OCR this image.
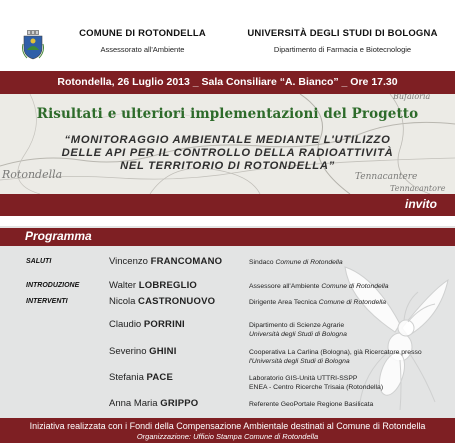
COMUNE DI ROTONDELLA
Assessorato all'Ambiente
UNIVERSITÀ DEGLI STUDI DI BOLOGNA
Dipartimento di Farmacia e Biotecnologie
Rotondella, 26 Luglio 2013 _ Sala Consiliare “A. Bianco” _ Ore 17.30
Rotondella
Bufaloria
Tennacantere
Tennacantore
Risultati e ulteriori implementazioni del Progetto
“MONITORAGGIO AMBIENTALE MEDIANTE L'UTILIZZO
DELLE API PER IL CONTROLLO DELLA RADIOATTIVITÀ
NEL TERRITORIO DI ROTONDELLA”
invito
Programma
SALUTI	Vincenzo FRANCOMANO	Sindaco Comune di Rotondella
INTRODUZIONE	Walter LOBREGLIO	Assessore all'Ambiente Comune di Rotondella
INTERVENTI	Nicola CASTRONUOVO	Dirigente Area Tecnica Comune di Rotondella
Claudio PORRINI	Dipartimento di Scienze Agrarie
Università degli Studi di Bologna
Severino GHINI	Cooperativa La Carlina (Bologna), già Ricercatore presso
l'Università degli Studi di Bologna
Stefania PACE	Laboratorio GIS-Unità UTTRI-SSPP
ENEA - Centro Ricerche Trisaia (Rotondella)
Anna Maria GRIPPO	Referente GeoPortale Regione Basilicata
Iniziativa realizzata con i Fondi della Compensazione Ambientale destinati al Comune di Rotondella
Organizzazione: Ufficio Stampa Comune di Rotondella
